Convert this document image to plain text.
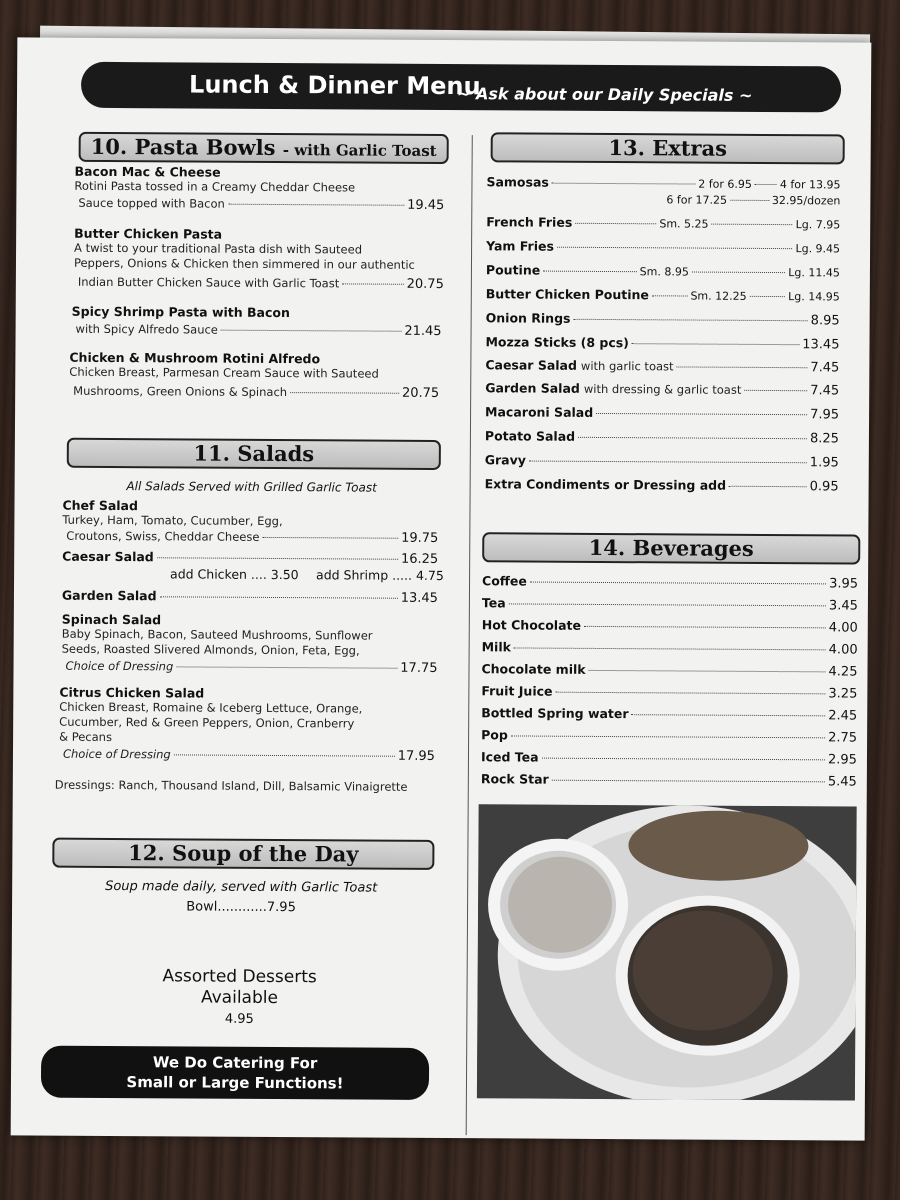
Lunch & Dinner Menu
~ Ask about our Daily Specials ~
10. Pasta Bowls - with Garlic Toast
Bacon Mac & Cheese
Rotini Pasta tossed in a Creamy Cheddar Cheese
Sauce topped with Bacon	19.45
Butter Chicken Pasta
A twist to your traditional Pasta dish with Sauteed
Peppers, Onions & Chicken then simmered in our authentic
Indian Butter Chicken Sauce with Garlic Toast	20.75
Spicy Shrimp Pasta with Bacon
with Spicy Alfredo Sauce	21.45
Chicken & Mushroom Rotini Alfredo
Chicken Breast, Parmesan Cream Sauce with Sauteed
Mushrooms, Green Onions & Spinach	20.75
11. Salads
All Salads Served with Grilled Garlic Toast
Chef Salad
Turkey, Ham, Tomato, Cucumber, Egg,
Croutons, Swiss, Cheddar Cheese	19.75
Caesar Salad	16.25
add Chicken .... 3.50 add Shrimp ..... 4.75
Garden Salad	13.45
Spinach Salad
Baby Spinach, Bacon, Sauteed Mushrooms, Sunflower
Seeds, Roasted Slivered Almonds, Onion, Feta, Egg,
Choice of Dressing	17.75
Citrus Chicken Salad
Chicken Breast, Romaine & Iceberg Lettuce, Orange,
Cucumber, Red & Green Peppers, Onion, Cranberry
& Pecans
Choice of Dressing	17.95
Dressings: Ranch, Thousand Island, Dill, Balsamic Vinaigrette
12. Soup of the Day
Soup made daily, served with Garlic Toast
Bowl............7.95
Assorted Desserts
Available
4.95
We Do Catering For
Small or Large Functions!
13. Extras
Samosas	2 for 6.95	4 for 13.95
6 for 17.25	32.95/dozen
French Fries	Sm. 5.25	Lg. 7.95
Yam Fries	Lg. 9.45
Poutine	Sm. 8.95	Lg. 11.45
Butter Chicken Poutine	Sm. 12.25	Lg. 14.95
Onion Rings	8.95
Mozza Sticks (8 pcs)	13.45
Caesar Salad with garlic toast	7.45
Garden Salad with dressing & garlic toast	7.45
Macaroni Salad	7.95
Potato Salad	8.25
Gravy	1.95
Extra Condiments or Dressing add	0.95
14. Beverages
Coffee	3.95
Tea	3.45
Hot Chocolate	4.00
Milk	4.00
Chocolate milk	4.25
Fruit Juice	3.25
Bottled Spring water	2.45
Pop	2.75
Iced Tea	2.95
Rock Star	5.45
